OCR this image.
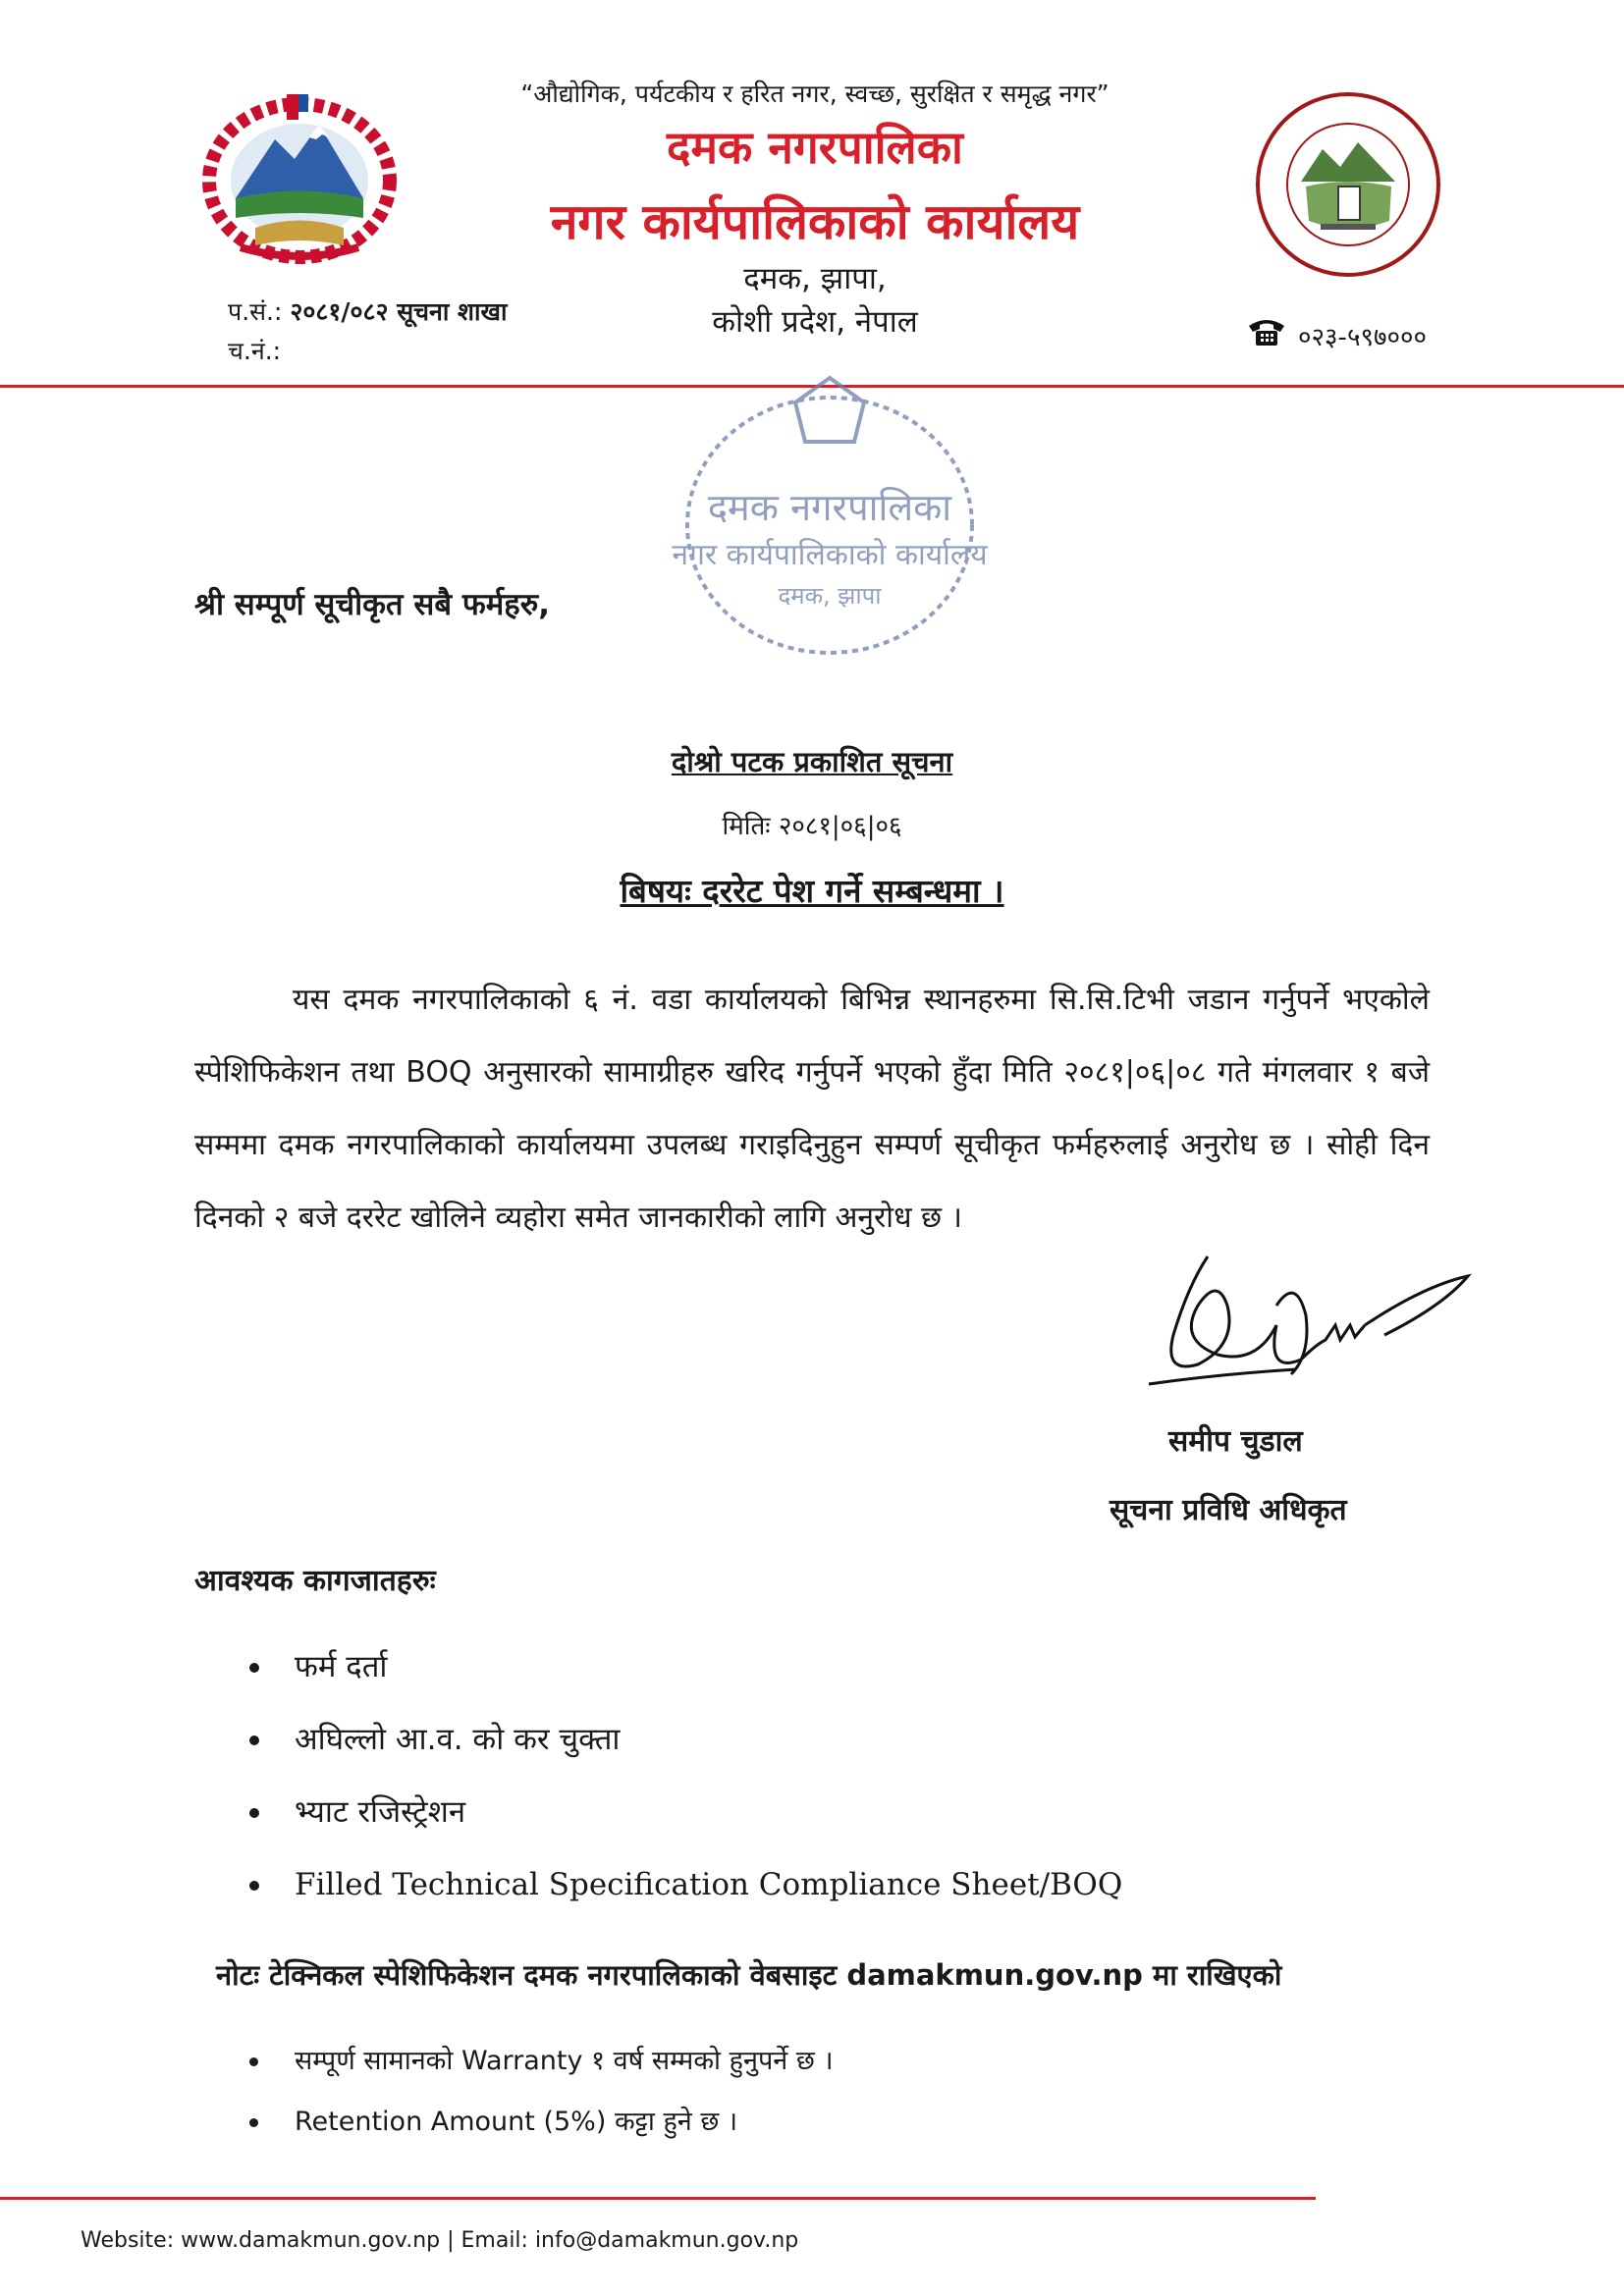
“औद्योगिक, पर्यटकीय र हरित नगर, स्वच्छ, सुरक्षित र समृद्ध नगर”
दमक नगरपालिका
नगर कार्यपालिकाको कार्यालय
दमक, झापा,
कोशी प्रदेश, नेपाल
प.सं.: २०८१/०८२ सूचना शाखा
च.नं.:	०२३-५९७०००
दमक नगरपालिका
नगर कार्यपालिकाको कार्यालय
दमक, झापा
श्री सम्पूर्ण सूचीकृत सबै फर्महरु,
दोश्रो पटक प्रकाशित सूचना
मितिः २०८१|०६|०६
बिषयः दररेट पेश गर्ने सम्बन्धमा ।
यस दमक नगरपालिकाको ६ नं. वडा कार्यालयको बिभिन्न स्थानहरुमा सि.सि.टिभी जडान गर्नुपर्ने भएकोले स्पेशिफिकेशन तथा BOQ अनुसारको सामाग्रीहरु खरिद गर्नुपर्ने भएको हुँदा मिति २०८१|०६|०८ गते मंगलवार १ बजे सम्ममा दमक नगरपालिकाको कार्यालयमा उपलब्ध गराइदिनुहुन सम्पर्ण सूचीकृत फर्महरुलाई अनुरोध छ । सोही दिन दिनको २ बजे दररेट खोलिने व्यहोरा समेत जानकारीको लागि अनुरोध छ ।
समीप चुडाल
सूचना प्रविधि अधिकृत
आवश्यक कागजातहरुः
फर्म दर्ता
अघिल्लो आ.व. को कर चुक्ता
भ्याट रजिस्ट्रेशन
Filled Technical Specification Compliance Sheet/BOQ
नोटः टेक्निकल स्पेशिफिकेशन दमक नगरपालिकाको वेबसाइट damakmun.gov.np मा राखिएको
सम्पूर्ण सामानको Warranty १ वर्ष सम्मको हुनुपर्ने छ ।
Retention Amount (5%) कट्टा हुने छ ।
Website: www.damakmun.gov.np | Email: info@damakmun.gov.np
